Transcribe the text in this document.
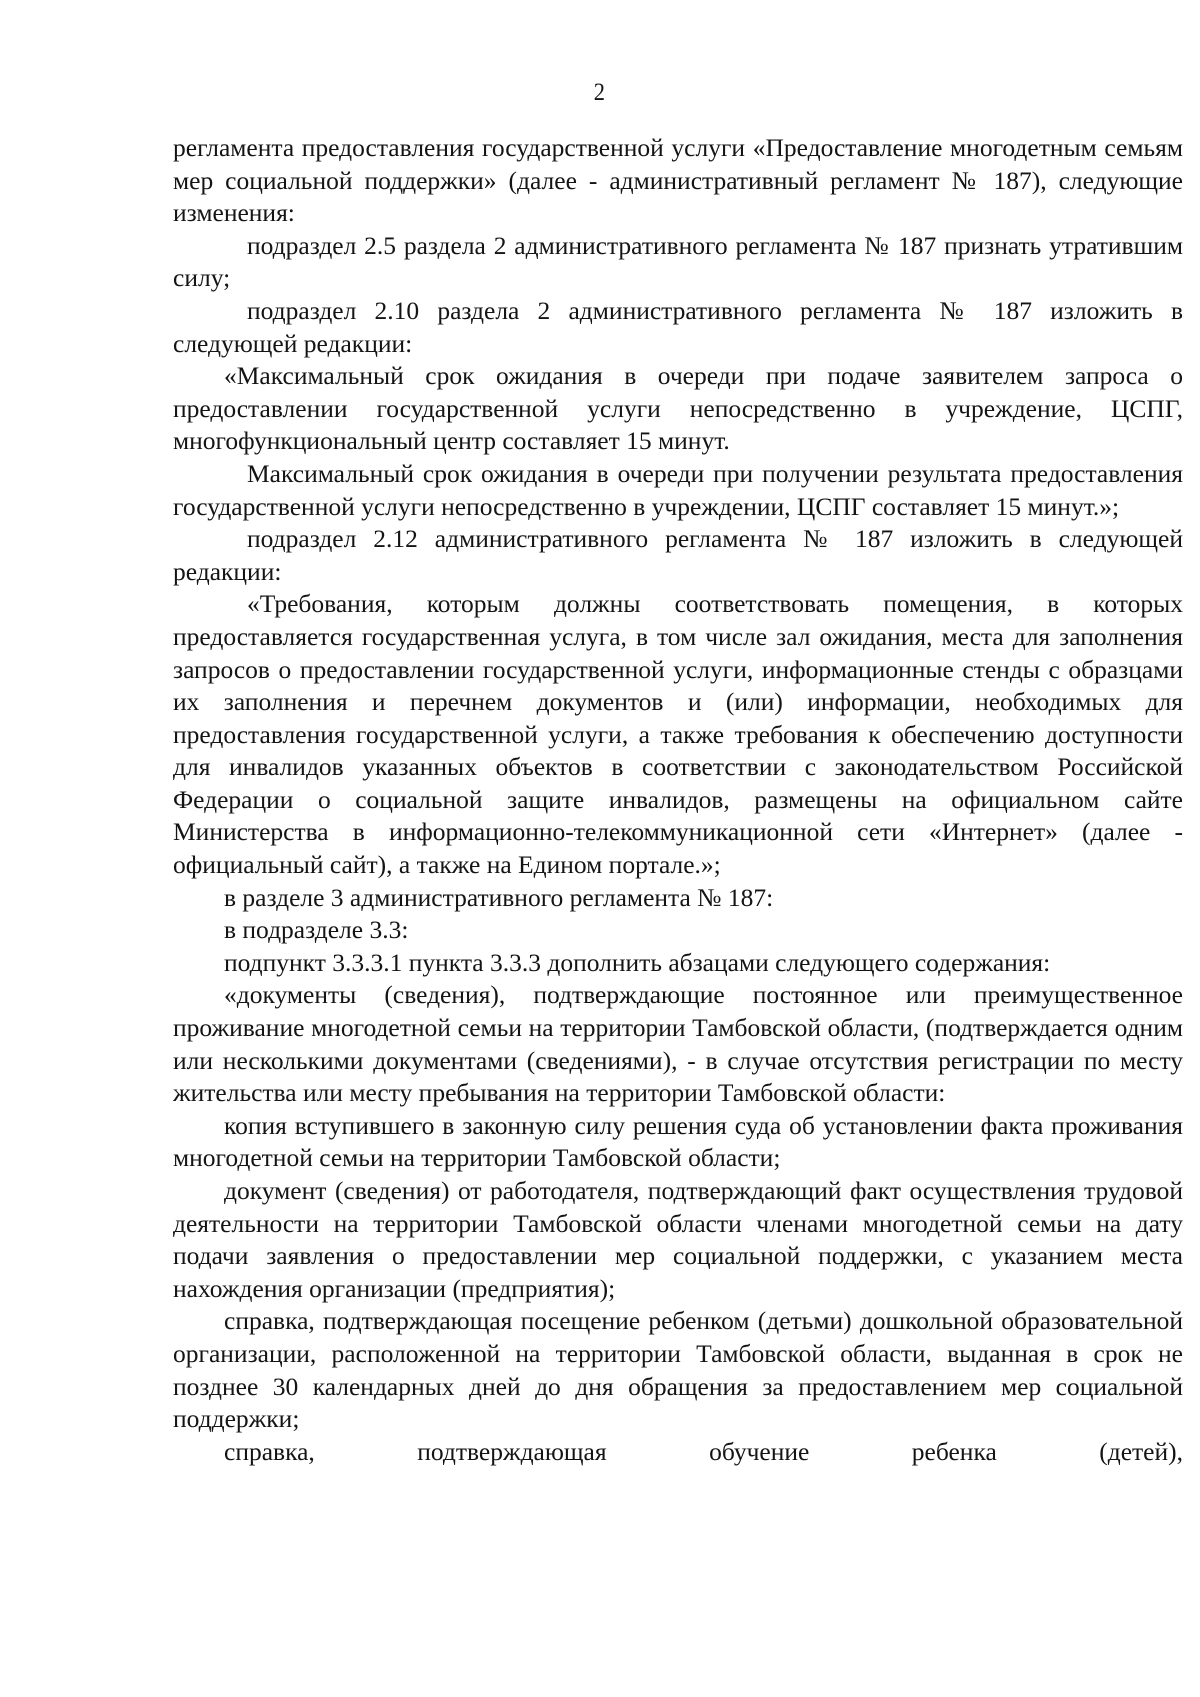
2

регламента предоставления государственной услуги «Предоставление многодетным семьям мер социальной поддержки» (далее - административный регламент № 187), следующие изменения:

подраздел 2.5 раздела 2 административного регламента № 187 признать утратившим силу;

подраздел 2.10 раздела 2 административного регламента № 187 изложить в следующей редакции:

«Максимальный срок ожидания в очереди при подаче заявителем запроса о предоставлении государственной услуги непосредственно в учреждение, ЦСПГ, многофункциональный центр составляет 15 минут.

Максимальный срок ожидания в очереди при получении результата предоставления государственной услуги непосредственно в учреждении, ЦСПГ составляет 15 минут.»;

подраздел 2.12 административного регламента № 187 изложить в следующей редакции:

«Требования, которым должны соответствовать помещения, в которых предоставляется государственная услуга, в том числе зал ожидания, места для заполнения запросов о предоставлении государственной услуги, информационные стенды с образцами их заполнения и перечнем документов и (или) информации, необходимых для предоставления государственной услуги, а также требования к обеспечению доступности для инвалидов указанных объектов в соответствии с законодательством Российской Федерации о социальной защите инвалидов, размещены на официальном сайте Министерства в информационно-телекоммуникационной сети «Интернет» (далее - официальный сайт), а также на Едином портале.»;

в разделе 3 административного регламента № 187:

в подразделе 3.3:

подпункт 3.3.3.1 пункта 3.3.3 дополнить абзацами следующего содержания:

«документы (сведения), подтверждающие постоянное или преимущественное проживание многодетной семьи на территории Тамбовской области, (подтверждается одним или несколькими документами (сведениями), - в случае отсутствия регистрации по месту жительства или месту пребывания на территории Тамбовской области:

копия вступившего в законную силу решения суда об установлении факта проживания многодетной семьи на территории Тамбовской области;

документ (сведения) от работодателя, подтверждающий факт осуществления трудовой деятельности на территории Тамбовской области членами многодетной семьи на дату подачи заявления о предоставлении мер социальной поддержки, с указанием места нахождения организации (предприятия);

справка, подтверждающая посещение ребенком (детьми) дошкольной образовательной организации, расположенной на территории Тамбовской области, выданная в срок не позднее 30 календарных дней до дня обращения за предоставлением мер социальной поддержки;

справка, подтверждающая обучение ребенка (детей),
